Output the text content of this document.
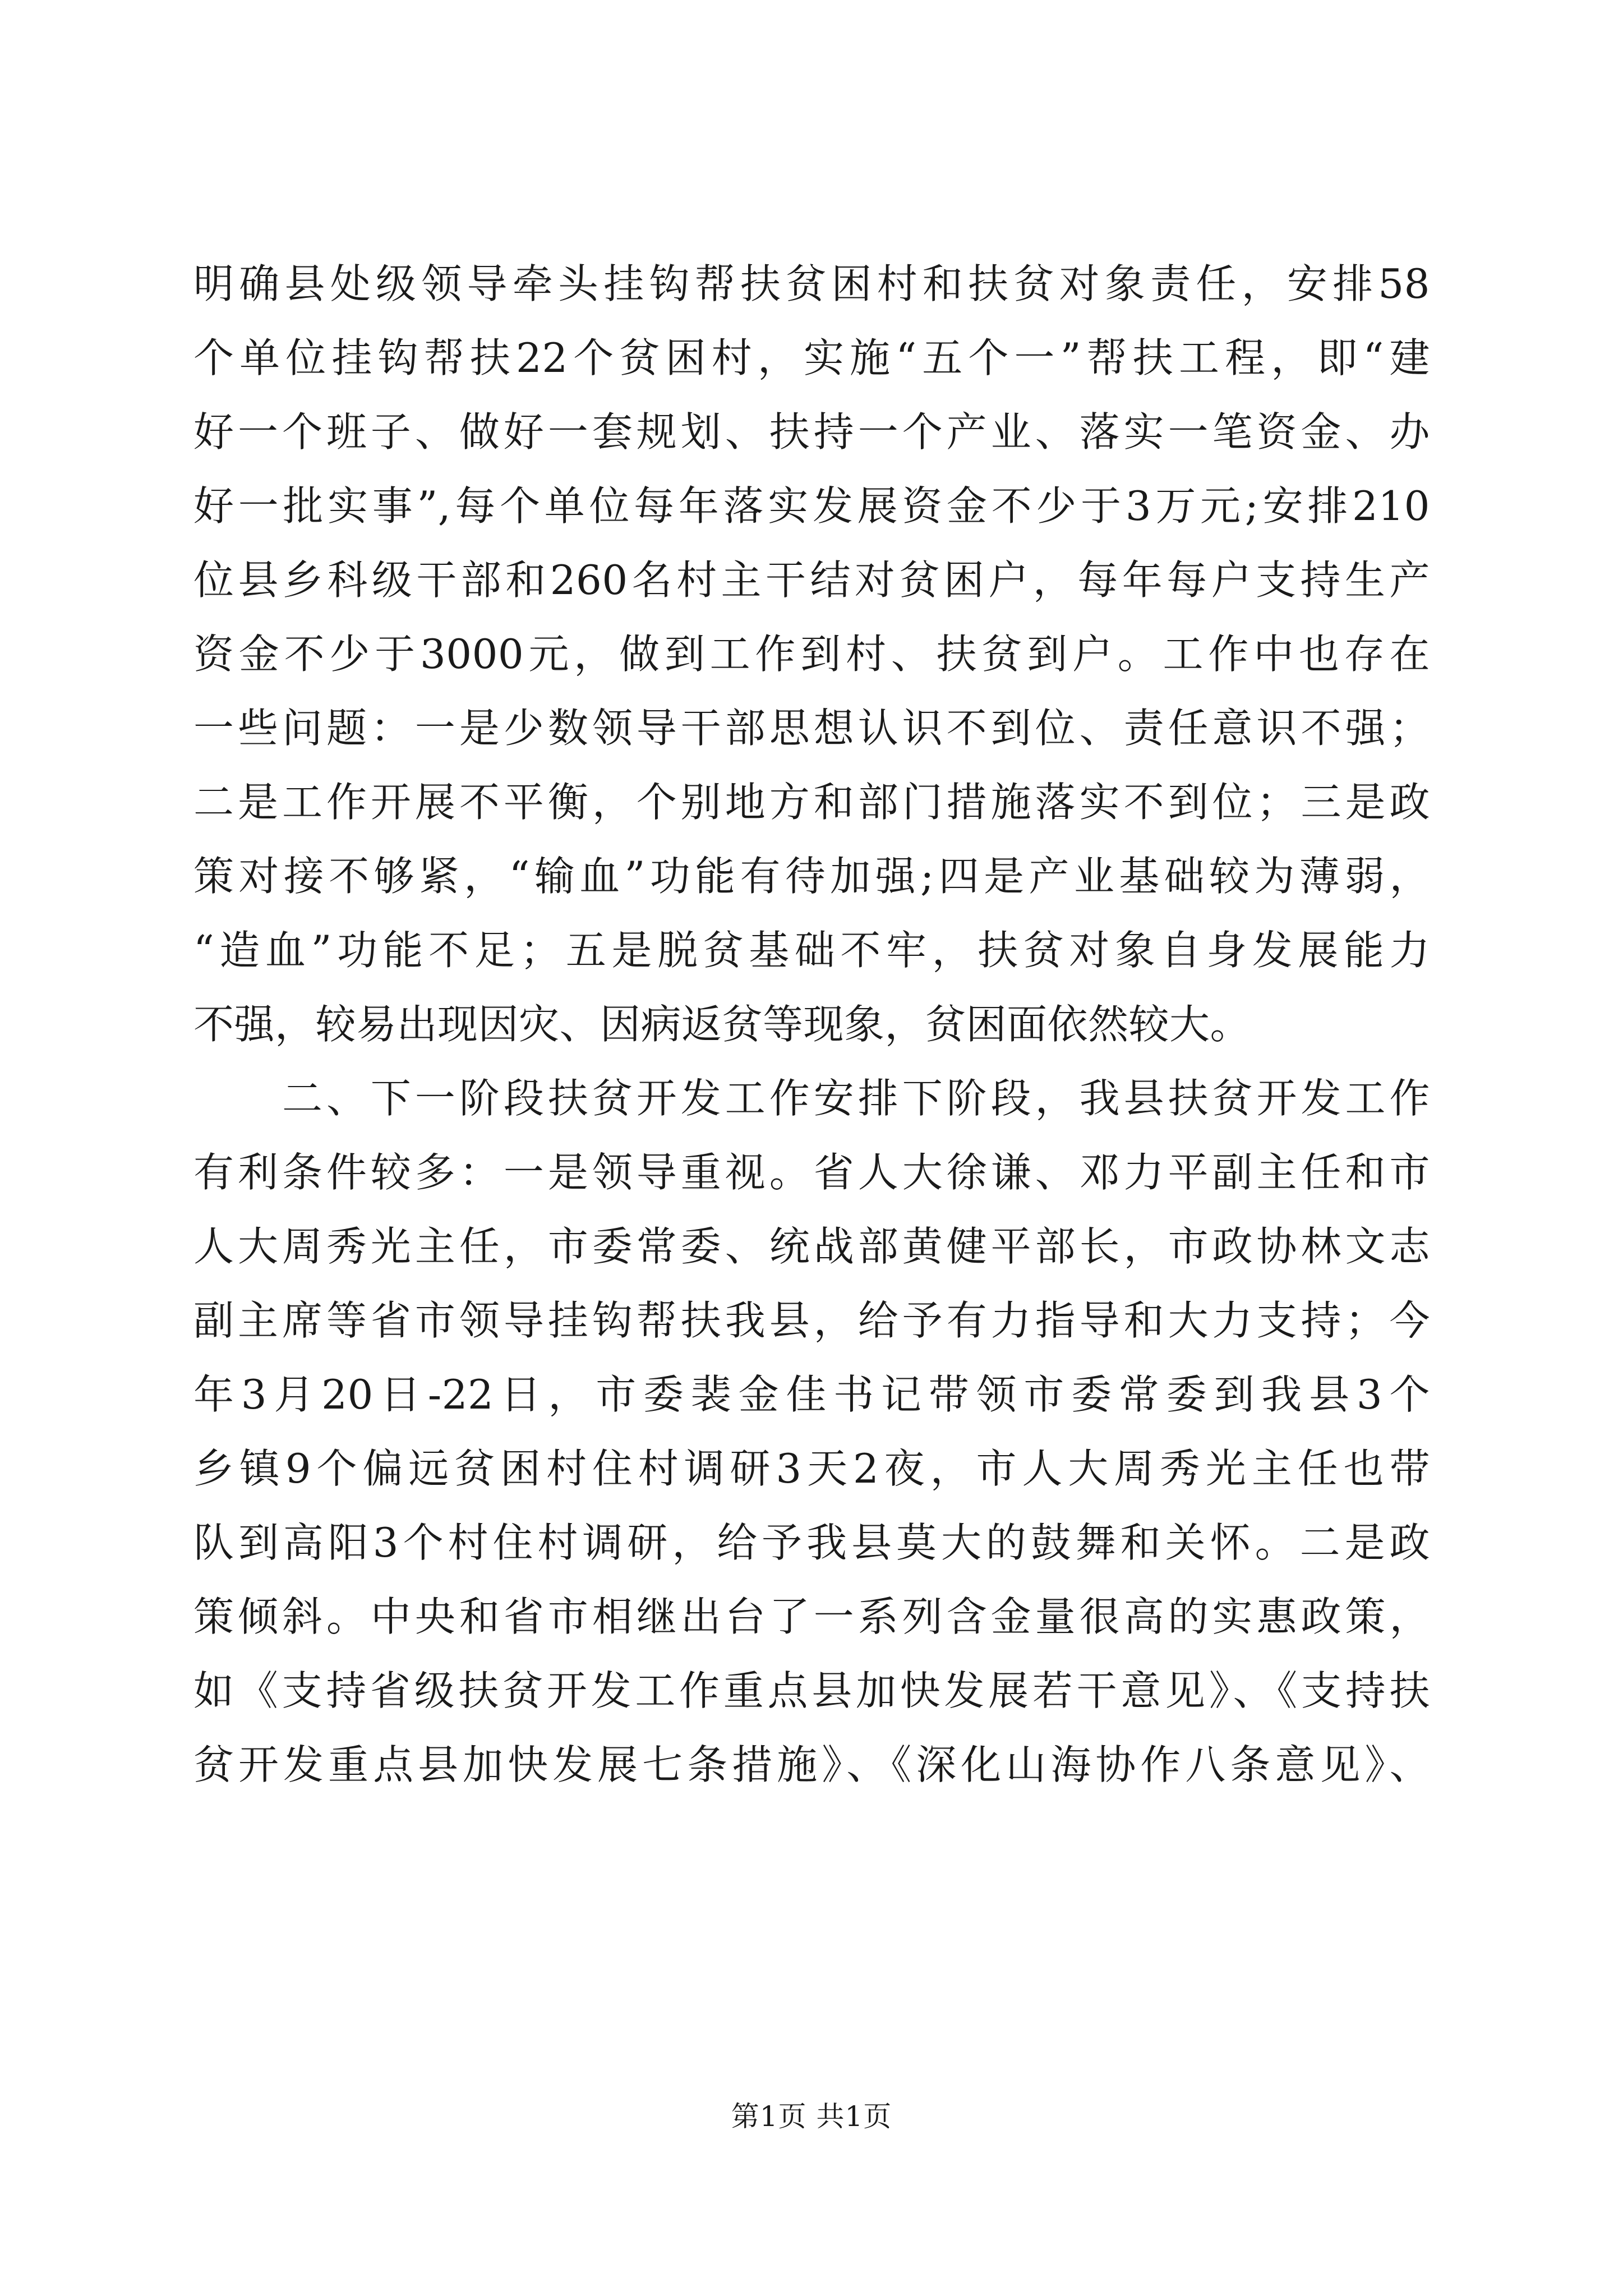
明确县处级领导牵头挂钩帮扶贫困村和扶贫对象责任，安排58
个单位挂钩帮扶22个贫困村，实施“五个一”帮扶工程，即“建
好一个班子、做好一套规划、扶持一个产业、落实一笔资金、办
好一批实事”,每个单位每年落实发展资金不少于3万元;安排210
位县乡科级干部和260名村主干结对贫困户，每年每户支持生产
资金不少于3000元，做到工作到村、扶贫到户。工作中也存在
一些问题：一是少数领导干部思想认识不到位、责任意识不强；
二是工作开展不平衡，个别地方和部门措施落实不到位；三是政
策对接不够紧，“输血”功能有待加强;四是产业基础较为薄弱，
“造血”功能不足；五是脱贫基础不牢，扶贫对象自身发展能力
不强，较易出现因灾、因病返贫等现象，贫困面依然较大。
　　二、下一阶段扶贫开发工作安排下阶段，我县扶贫开发工作
有利条件较多：一是领导重视。省人大徐谦、邓力平副主任和市
人大周秀光主任，市委常委、统战部黄健平部长，市政协林文志
副主席等省市领导挂钩帮扶我县，给予有力指导和大力支持；今
年3月20日-22日，市委裴金佳书记带领市委常委到我县3个
乡镇9个偏远贫困村住村调研3天2夜，市人大周秀光主任也带
队到高阳3个村住村调研，给予我县莫大的鼓舞和关怀。二是政
策倾斜。中央和省市相继出台了一系列含金量很高的实惠政策，
如《支持省级扶贫开发工作重点县加快发展若干意见》、《支持扶
贫开发重点县加快发展七条措施》、《深化山海协作八条意见》、
第1页 共1页
